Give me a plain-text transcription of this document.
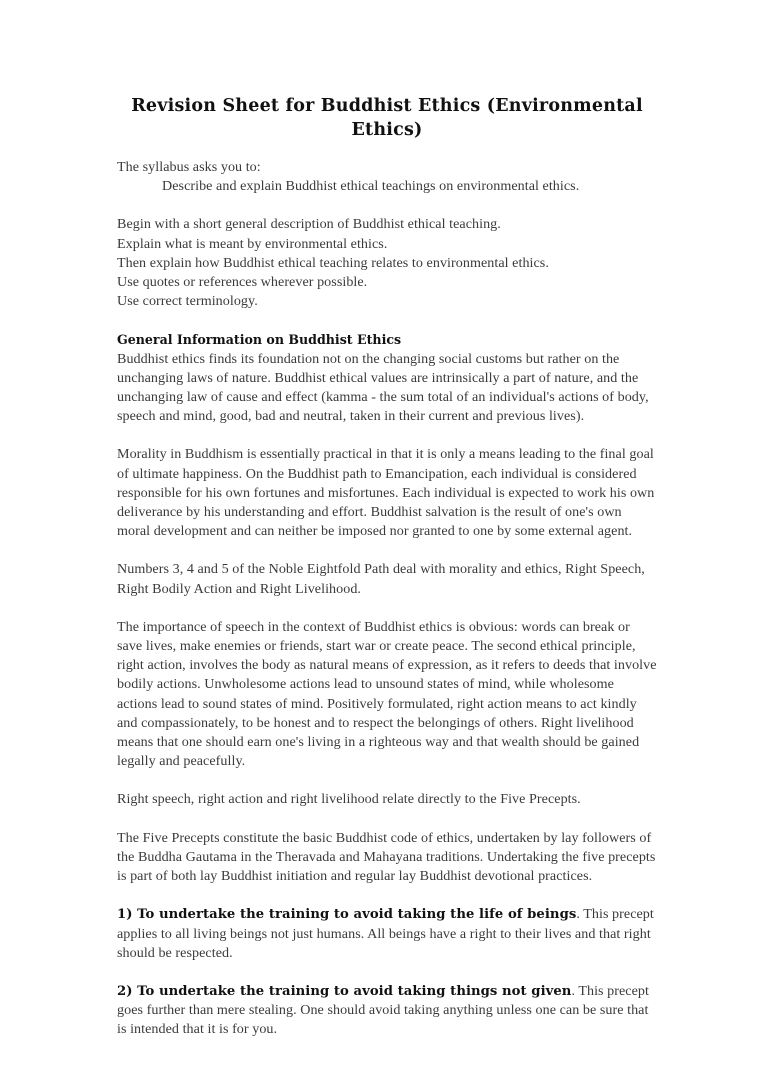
Revision Sheet for Buddhist Ethics (Environmental Ethics)

The syllabus asks you to:

Describe and explain Buddhist ethical teachings on environmental ethics.

Begin with a short general description of Buddhist ethical teaching.

Explain what is meant by environmental ethics.

Then explain how Buddhist ethical teaching relates to environmental ethics.

Use quotes or references wherever possible.

Use correct terminology.

General Information on Buddhist Ethics

Buddhist ethics finds its foundation not on the changing social customs but rather on the unchanging laws of nature. Buddhist ethical values are intrinsically a part of nature, and the unchanging law of cause and effect (kamma - the sum total of an individual's actions of body, speech and mind, good, bad and neutral, taken in their current and previous lives).

Morality in Buddhism is essentially practical in that it is only a means leading to the final goal of ultimate happiness. On the Buddhist path to Emancipation, each individual is considered responsible for his own fortunes and misfortunes. Each individual is expected to work his own deliverance by his understanding and effort. Buddhist salvation is the result of one's own moral development and can neither be imposed nor granted to one by some external agent.

Numbers 3, 4 and 5 of the Noble Eightfold Path deal with morality and ethics, Right Speech, Right Bodily Action and Right Livelihood.

The importance of speech in the context of Buddhist ethics is obvious: words can break or save lives, make enemies or friends, start war or create peace. The second ethical principle, right action, involves the body as natural means of expression, as it refers to deeds that involve bodily actions. Unwholesome actions lead to unsound states of mind, while wholesome actions lead to sound states of mind. Positively formulated, right action means to act kindly and compassionately, to be honest and to respect the belongings of others. Right livelihood means that one should earn one's living in a righteous way and that wealth should be gained legally and peacefully.

Right speech, right action and right livelihood relate directly to the Five Precepts.

The Five Precepts constitute the basic Buddhist code of ethics, undertaken by lay followers of the Buddha Gautama in the Theravada and Mahayana traditions. Undertaking the five precepts is part of both lay Buddhist initiation and regular lay Buddhist devotional practices.

1) To undertake the training to avoid taking the life of beings. This precept applies to all living beings not just humans. All beings have a right to their lives and that right should be respected.

2) To undertake the training to avoid taking things not given. This precept goes further than mere stealing. One should avoid taking anything unless one can be sure that is intended that it is for you.
